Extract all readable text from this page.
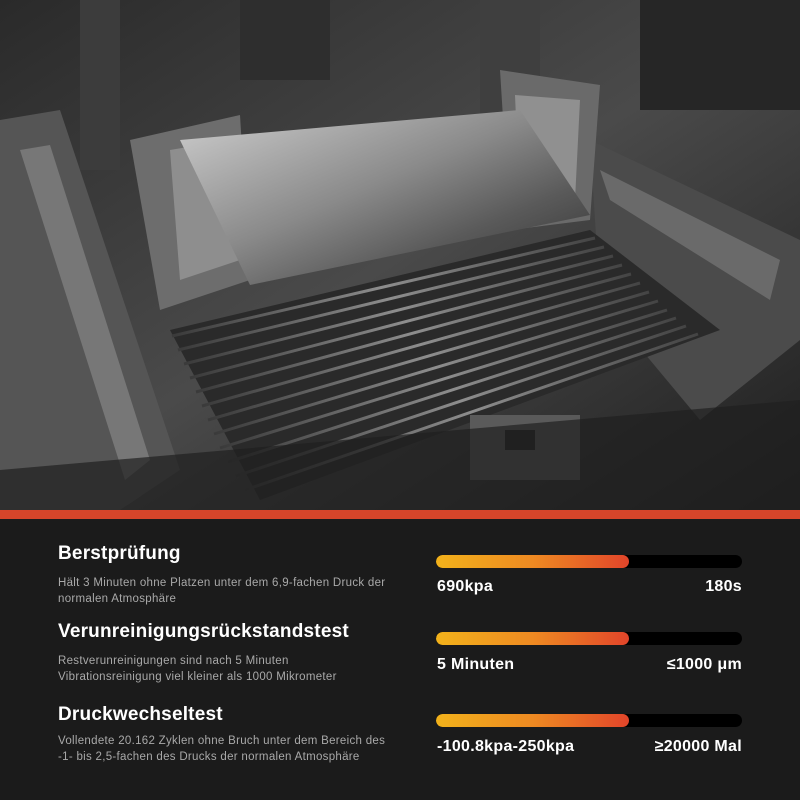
Berstprüfung
Hält 3 Minuten ohne Platzen unter dem 6,9-fachen Druck der normalen Atmosphäre
690kpa	180s
Verunreinigungsrückstandstest
Restverunreinigungen sind nach 5 Minuten Vibrationsreinigung viel kleiner als 1000 Mikrometer
5 Minuten	≤1000 μm
Druckwechseltest
Vollendete 20.162 Zyklen ohne Bruch unter dem Bereich des -1- bis 2,5-fachen des Drucks der normalen Atmosphäre
-100.8kpa-250kpa	≥20000 Mal
